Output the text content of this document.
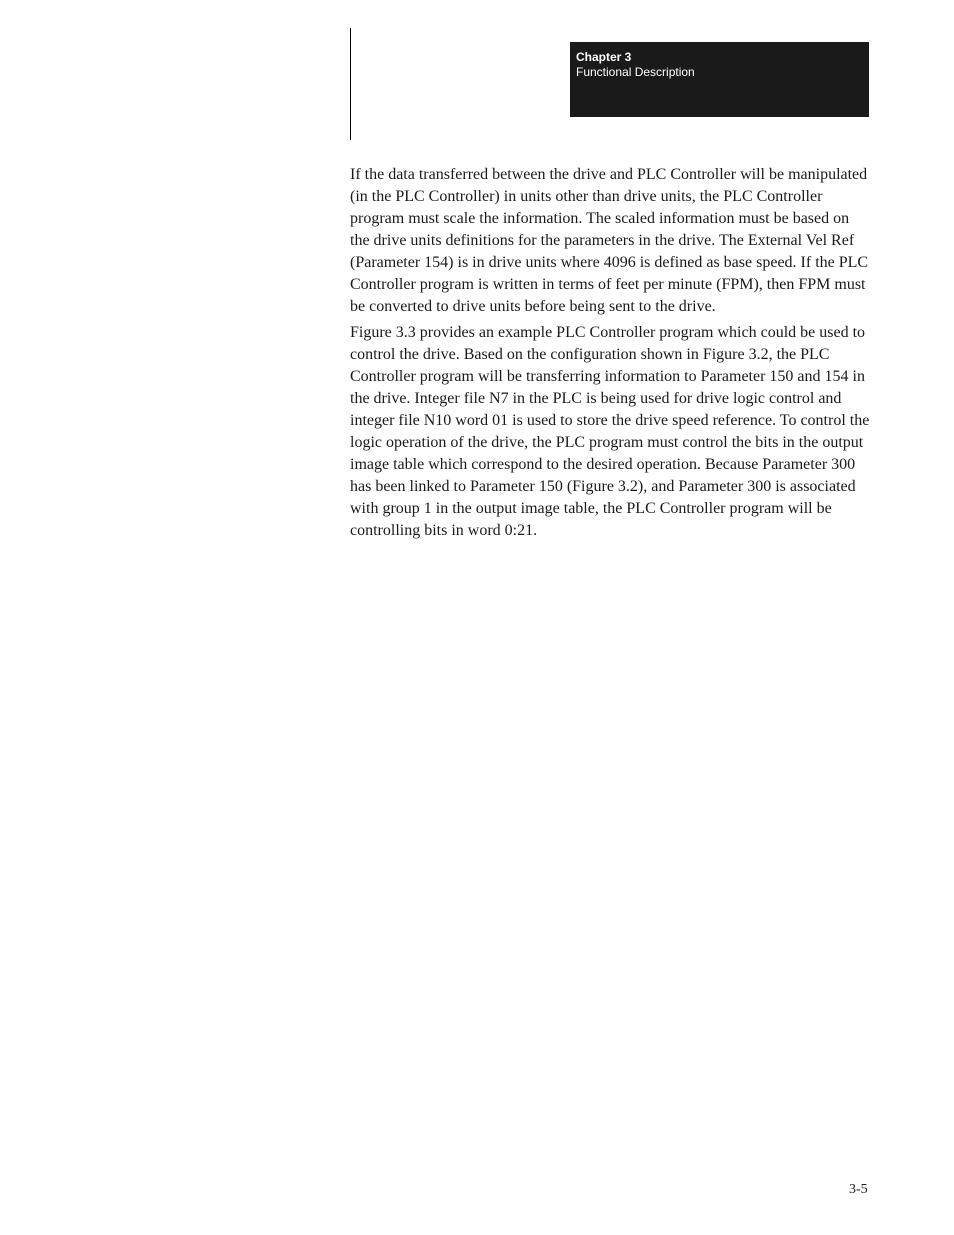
Chapter 3
Functional Description

If the data transferred between the drive and PLC Controller will be manipulated (in the PLC Controller) in units other than drive units, the PLC Controller program must scale the information. The scaled information must be based on the drive units definitions for the parameters in the drive. The External Vel Ref (Parameter 154) is in drive units where 4096 is defined as base speed. If the PLC Controller program is written in terms of feet per minute (FPM), then FPM must be converted to drive units before being sent to the drive.

Figure 3.3 provides an example PLC Controller program which could be used to control the drive. Based on the configuration shown in Figure 3.2, the PLC Controller program will be transferring information to Parameter 150 and 154 in the drive. Integer file N7 in the PLC is being used for drive logic control and integer file N10 word 01 is used to store the drive speed reference. To control the logic operation of the drive, the PLC program must control the bits in the output image table which correspond to the desired operation. Because Parameter 300 has been linked to Parameter 150 (Figure 3.2), and Parameter 300 is associated with group 1 in the output image table, the PLC Controller program will be controlling bits in word 0:21.

3-5
